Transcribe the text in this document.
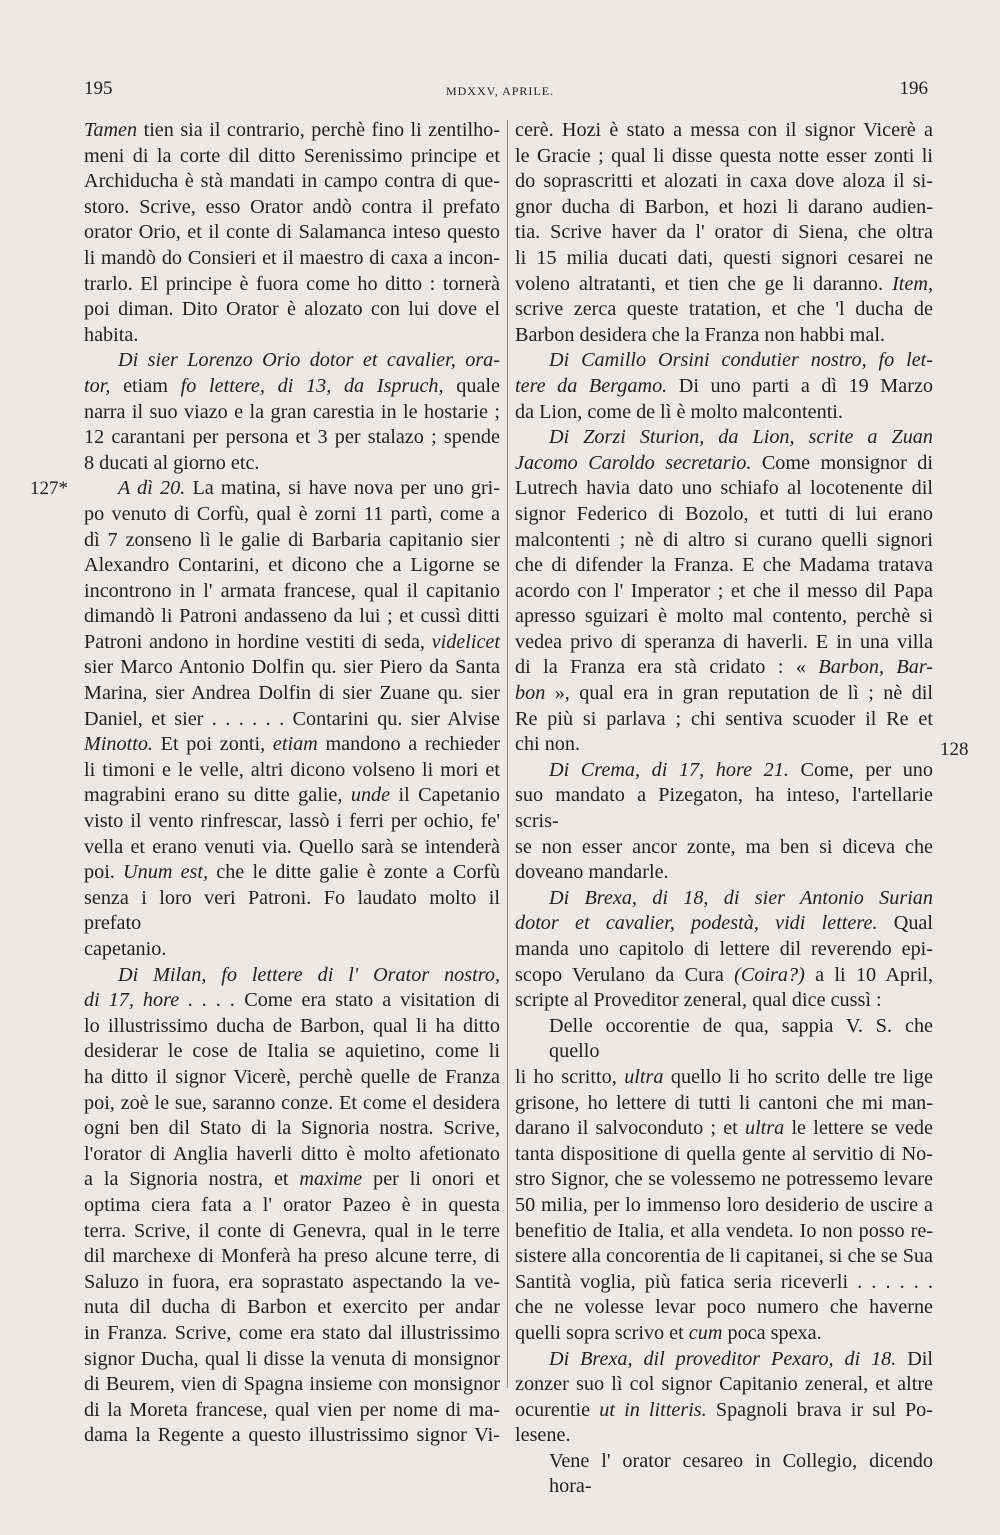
195	MDXXV, APRILE.	196
127*
128
Tamen tien sia il contrario, perchè fino li zentilho-
meni di la corte dil ditto Serenissimo principe et
Archiducha è stà mandati in campo contra di que-
storo. Scrive, esso Orator andò contra il prefato
orator Orio, et il conte di Salamanca inteso questo
li mandò do Consieri et il maestro di caxa a incon-
trarlo. El principe è fuora come ho ditto : tornerà
poi diman. Dito Orator è alozato con lui dove el
habita.
Di sier Lorenzo Orio dotor et cavalier, ora-
tor, etiam fo lettere, di 13, da Ispruch, quale
narra il suo viazo e la gran carestia in le hostarie ;
12 carantani per persona et 3 per stalazo ; spende
8 ducati al giorno etc.
A dì 20. La matina, si have nova per uno gri-
po venuto di Corfù, qual è zorni 11 partì, come a
dì 7 zonseno lì le galie di Barbaria capitanio sier
Alexandro Contarini, et dicono che a Ligorne se
incontrono in l' armata francese, qual il capitanio
dimandò li Patroni andasseno da lui ; et cussì ditti
Patroni andono in hordine vestiti di seda, videlicet
sier Marco Antonio Dolfin qu. sier Piero da Santa
Marina, sier Andrea Dolfin di sier Zuane qu. sier
Daniel, et sier . . . . . . Contarini qu. sier Alvise
Minotto. Et poi zonti, etiam mandono a rechieder
li timoni e le velle, altri dicono volseno li mori et
magrabini erano su ditte galie, unde il Capetanio
visto il vento rinfrescar, lassò i ferri per ochio, fe'
vella et erano venuti via. Quello sarà se intenderà
poi. Unum est, che le ditte galie è zonte a Corfù
senza i loro veri Patroni. Fo laudato molto il prefato
capetanio.
Di Milan, fo lettere di l' Orator nostro,
di 17, hore . . . . Come era stato a visitation di
lo illustrissimo ducha de Barbon, qual li ha ditto
desiderar le cose de Italia se aquietino, come li
ha ditto il signor Vicerè, perchè quelle de Franza
poi, zoè le sue, saranno conze. Et come el desidera
ogni ben dil Stato di la Signoria nostra. Scrive,
l'orator di Anglia haverli ditto è molto afetionato
a la Signoria nostra, et maxime per li onori et
optima ciera fata a l' orator Pazeo è in questa
terra. Scrive, il conte di Genevra, qual in le terre
dil marchexe di Monferà ha preso alcune terre, di
Saluzo in fuora, era soprastato aspectando la ve-
nuta dil ducha di Barbon et exercito per andar
in Franza. Scrive, come era stato dal illustrissimo
signor Ducha, qual li disse la venuta di monsignor
di Beurem, vien di Spagna insieme con monsignor
di la Moreta francese, qual vien per nome di ma-
dama la Regente a questo illustrissimo signor Vi-
cerè. Hozi è stato a messa con il signor Vicerè a
le Gracie ; qual li disse questa notte esser zonti li
do soprascritti et alozati in caxa dove aloza il si-
gnor ducha di Barbon, et hozi li darano audien-
tia. Scrive haver da l' orator di Siena, che oltra
li 15 milia ducati dati, questi signori cesarei ne
voleno altratanti, et tien che ge li daranno. Item,
scrive zerca queste tratation, et che 'l ducha de
Barbon desidera che la Franza non habbi mal.
Di Camillo Orsini condutier nostro, fo let-
tere da Bergamo. Di uno parti a dì 19 Marzo
da Lion, come de lì è molto malcontenti.
Di Zorzi Sturion, da Lion, scrite a Zuan
Jacomo Caroldo secretario. Come monsignor di
Lutrech havia dato uno schiafo al locotenente dil
signor Federico di Bozolo, et tutti di lui erano
malcontenti ; nè di altro si curano quelli signori
che di difender la Franza. E che Madama tratava
acordo con l' Imperator ; et che il messo dil Papa
apresso sguizari è molto mal contento, perchè si
vedea privo di speranza di haverli. E in una villa
di la Franza era stà cridato : « Barbon, Bar-
bon », qual era in gran reputation de lì ; nè dil
Re più si parlava ; chi sentiva scuoder il Re et
chi non.
Di Crema, di 17, hore 21. Come, per uno
suo mandato a Pizegaton, ha inteso, l'artellarie scris-
se non esser ancor zonte, ma ben si diceva che
doveano mandarle.
Di Brexa, di 18, di sier Antonio Surian
dotor et cavalier, podestà, vidi lettere. Qual
manda uno capitolo di lettere dil reverendo epi-
scopo Verulano da Cura (Coira?) a li 10 April,
scripte al Proveditor zeneral, qual dice cussì :
Delle occorentie de qua, sappia V. S. che quello
li ho scritto, ultra quello li ho scrito delle tre lige
grisone, ho lettere di tutti li cantoni che mi man-
darano il salvoconduto ; et ultra le lettere se vede
tanta dispositione di quella gente al servitio di No-
stro Signor, che se volessemo ne potressemo levare
50 milia, per lo immenso loro desiderio de uscire a
benefitio de Italia, et alla vendeta. Io non posso re-
sistere alla concorentia de li capitanei, si che se Sua
Santità voglia, più fatica seria riceverli . . . . . .
che ne volesse levar poco numero che haverne
quelli sopra scrivo et cum poca spexa.
Di Brexa, dil proveditor Pexaro, di 18. Dil
zonzer suo lì col signor Capitanio zeneral, et altre
ocurentie ut in litteris. Spagnoli brava ir sul Po-
lesene.
Vene l' orator cesareo in Collegio, dicendo hora-
